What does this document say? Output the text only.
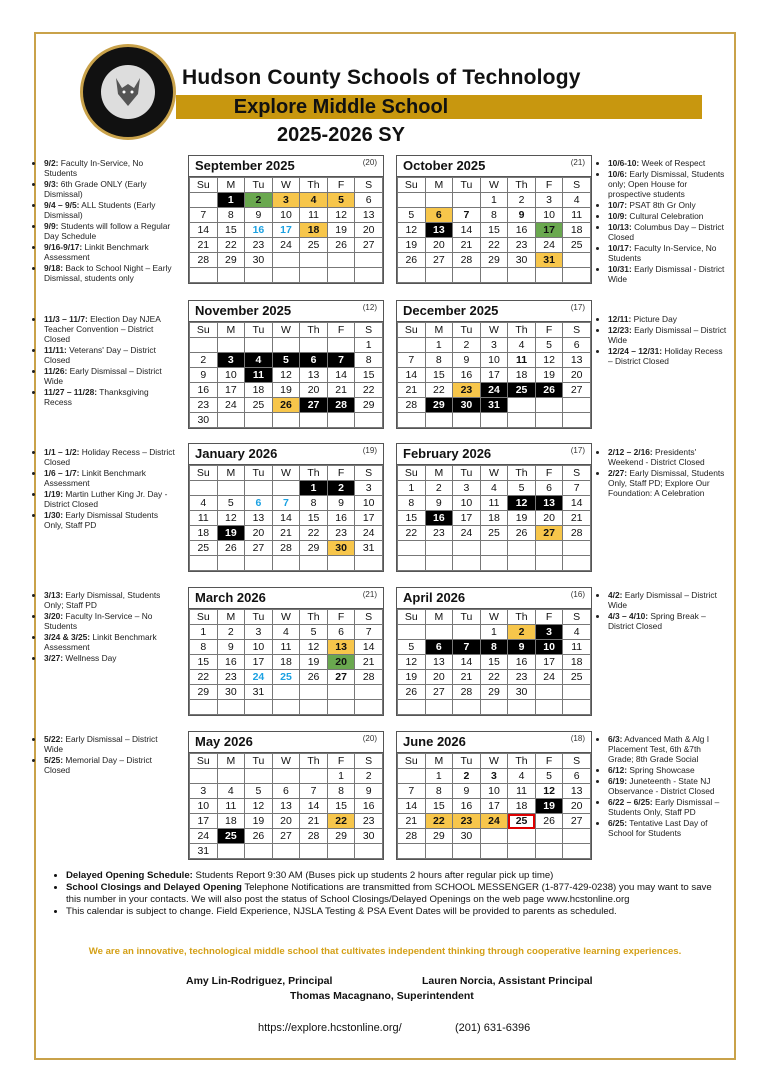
Hudson County Schools of Technology
Explore Middle School
2025-2026 SY
• 9/2: Faculty In-Service, No Students
• 9/3: 6th Grade ONLY (Early Dismissal)
• 9/4 – 9/5: ALL Students (Early Dismissal)
• 9/9: Students will follow a Regular Day Schedule
• 9/16-9/17: Linkit Benchmark Assessment
• 9/18: Back to School Night – Early Dismissal, students only
• 10/6-10: Week of Respect
• 10/6: Early Dismissal, Students only; Open House for prospective students
• 10/7: PSAT 8th Gr Only
• 10/9: Cultural Celebration
• 10/13: Columbus Day – District Closed
• 10/17: Faculty In-Service, No Students
• 10/31: Early Dismissal - District Wide
• 11/3 – 11/7: Election Day NJEA Teacher Convention – District Closed
• 11/11: Veterans' Day – District Closed
• 11/26: Early Dismissal – District Wide
• 11/27 – 11/28: Thanksgiving Recess
• 12/11: Picture Day
• 12/23: Early Dismissal – District Wide
• 12/24 – 12/31: Holiday Recess – District Closed
• 1/1 – 1/2: Holiday Recess – District Closed
• 1/6 – 1/7: Linkit Benchmark Assessment
• 1/19: Martin Luther King Jr. Day - District Closed
• 1/30: Early Dismissal Students Only, Staff PD
• 2/12 – 2/16: Presidents' Weekend - District Closed
• 2/27: Early Dismissal, Students Only, Staff PD; Explore Our Foundation: A Celebration
• 3/13: Early Dismissal, Students Only; Staff PD
• 3/20: Faculty In-Service – No Students
• 3/24 & 3/25: Linkit Benchmark Assessment
• 3/27: Wellness Day
• 4/2: Early Dismissal – District Wide
• 4/3 – 4/10: Spring Break – District Closed
• 5/22: Early Dismissal – District Wide
• 5/25: Memorial Day – District Closed
• 6/3: Advanced Math & Alg I Placement Test, 6th &7th Grade; 8th Grade Social
• 6/12: Spring Showcase
• 6/19: Juneteenth - State NJ Observance - District Closed
• 6/22 – 6/25: Early Dismissal – Students Only, Staff PD
• 6/25: Tentative Last Day of School for Students
September 2025	(20)
Su	M	Tu	W	Th	F	S
	1	2	3	4	5	6
7	8	9	10	11	12	13
14	15	16	17	18	19	20
21	22	23	24	25	26	27
28	29	30				

October 2025	(21)
Su	M	Tu	W	Th	F	S
			1	2	3	4
5	6	7	8	9	10	11
12	13	14	15	16	17	18
19	20	21	22	23	24	25
26	27	28	29	30	31	

November 2025	(12)
Su	M	Tu	W	Th	F	S
						1
2	3	4	5	6	7	8
9	10	11	12	13	14	15
16	17	18	19	20	21	22
23	24	25	26	27	28	29
30						
December 2025	(17)
Su	M	Tu	W	Th	F	S
	1	2	3	4	5	6
7	8	9	10	11	12	13
14	15	16	17	18	19	20
21	22	23	24	25	26	27
28	29	30	31			

January 2026	(19)
Su	M	Tu	W	Th	F	S
				1	2	3
4	5	6	7	8	9	10
11	12	13	14	15	16	17
18	19	20	21	22	23	24
25	26	27	28	29	30	31

February 2026	(17)
Su	M	Tu	W	Th	F	S
1	2	3	4	5	6	7
8	9	10	11	12	13	14
15	16	17	18	19	20	21
22	23	24	25	26	27	28

March 2026	(21)
Su	M	Tu	W	Th	F	S
1	2	3	4	5	6	7
8	9	10	11	12	13	14
15	16	17	18	19	20	21
22	23	24	25	26	27	28
29	30	31				

April 2026	(16)
Su	M	Tu	W	Th	F	S
			1	2	3	4
5	6	7	8	9	10	11
12	13	14	15	16	17	18
19	20	21	22	23	24	25
26	27	28	29	30		

May 2026	(20)
Su	M	Tu	W	Th	F	S
					1	2
3	4	5	6	7	8	9
10	11	12	13	14	15	16
17	18	19	20	21	22	23
24	25	26	27	28	29	30
31						
June 2026	(18)
Su	M	Tu	W	Th	F	S
	1	2	3	4	5	6
7	8	9	10	11	12	13
14	15	16	17	18	19	20
21	22	23	24	25	26	27
28	29	30				

• Delayed Opening Schedule: Students Report 9:30 AM (Buses pick up students 2 hours after regular pick up time)
• School Closings and Delayed Opening Telephone Notifications are transmitted from SCHOOL MESSENGER (1-877-429-0238) you may want to save this number in your contacts. We will also post the status of School Closings/Delayed Openings on the web page www.hcstonline.org
• This calendar is subject to change. Field Experience, NJSLA Testing & PSA Event Dates will be provided to parents as scheduled.
We are an innovative, technological middle school that cultivates independent thinking through cooperative learning experiences.
Amy Lin-Rodriguez, Principal	Lauren Norcia, Assistant Principal
Thomas Macagnano, Superintendent
https://explore.hcstonline.org/	(201) 631-6396
